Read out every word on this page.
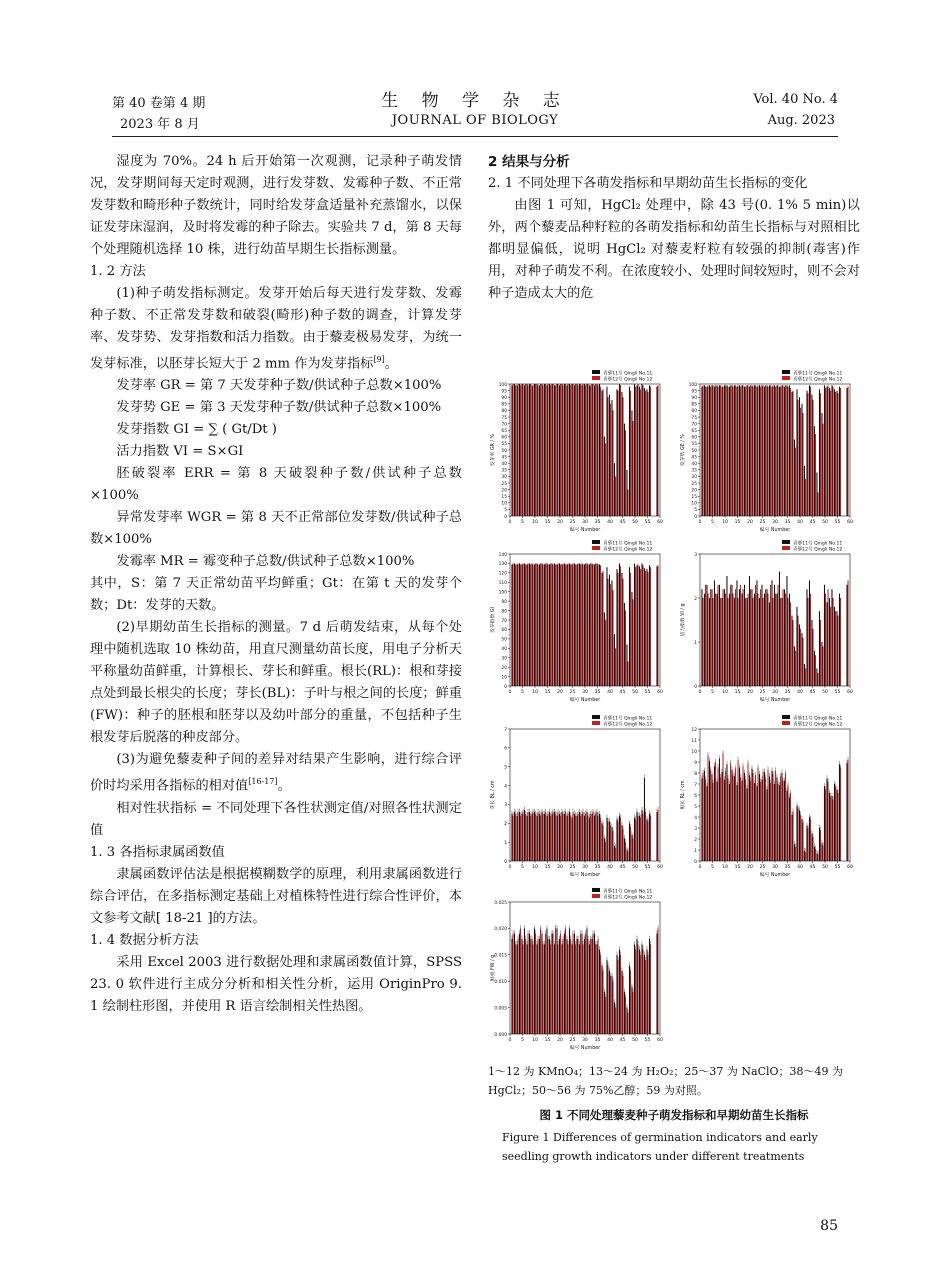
第 40 卷第 4 期
2023 年 8 月
生 物 学 杂 志
JOURNAL OF BIOLOGY
Vol. 40 No. 4
Aug. 2023

湿度为 70%。24 h 后开始第一次观测，记录种子萌发情况，发芽期间每天定时观测，进行发芽数、发霉种子数、不正常发芽数和畸形种子数统计，同时给发芽盒适量补充蒸馏水，以保证发芽床湿润，及时将发霉的种子除去。实验共 7 d，第 8 天每个处理随机选择 10 株，进行幼苗早期生长指标测量。

1. 2 方法

(1)种子萌发指标测定。发芽开始后每天进行发芽数、发霉种子数、不正常发芽数和破裂(畸形)种子数的调查，计算发芽率、发芽势、发芽指数和活力指数。由于藜麦极易发芽，为统一发芽标准，以胚芽长短大于 2 mm 作为发芽指标[9]。

发芽率 GR = 第 7 天发芽种子数/供试种子总数×100%

发芽势 GE = 第 3 天发芽种子数/供试种子总数×100%

发芽指数 GI = ∑ ( Gt/Dt )

活力指数 VI = S×GI

胚破裂率 ERR = 第 8 天破裂种子数/供试种子总数×100%

异常发芽率 WGR = 第 8 天不正常部位发芽数/供试种子总数×100%

发霉率 MR = 霉变种子总数/供试种子总数×100%

其中，S：第 7 天正常幼苗平均鲜重；Gt：在第 t 天的发芽个数；Dt：发芽的天数。

(2)早期幼苗生长指标的测量。7 d 后萌发结束，从每个处理中随机选取 10 株幼苗，用直尺测量幼苗长度，用电子分析天平称量幼苗鲜重，计算根长、芽长和鲜重。根长(RL)：根和芽接点处到最长根尖的长度；芽长(BL)：子叶与根之间的长度；鲜重(FW)：种子的胚根和胚芽以及幼叶部分的重量，不包括种子生根发芽后脱落的种皮部分。

(3)为避免藜麦种子间的差异对结果产生影响，进行综合评价时均采用各指标的相对值[16-17]。

相对性状指标 = 不同处理下各性状测定值/对照各性状测定值

1. 3 各指标隶属函数值

隶属函数评估法是根据模糊数学的原理，利用隶属函数进行综合评估，在多指标测定基础上对植株特性进行综合性评价，本文参考文献[ 18-21 ]的方法。

1. 4 数据分析方法

采用 Excel 2003 进行数据处理和隶属函数值计算，SPSS 23. 0 软件进行主成分分析和相关性分析，运用 OriginPro 9. 1 绘制柱形图，并使用 R 语言绘制相关性热图。

2 结果与分析

2. 1 不同处理下各萌发指标和早期幼苗生长指标的变化

由图 1 可知，HgCl₂ 处理中，除 43 号(0. 1% 5 min)以外，两个藜麦品种籽粒的各萌发指标和幼苗生长指标与对照相比都明显偏低，说明 HgCl₂ 对藜麦籽粒有较强的抑制(毒害)作用，对种子萌发不利。在浓度较小、处理时间较短时，则不会对种子造成太大的危

青藜11号 Qingli No.11
青藜12号 Qingli No.12
0
5
10
15
20
25
30
35
40
45
50
55
60
65
70
75
80
85
90
95
100
0 5 10 15 20 25 30 35 40 45 50 55 60
编号 Number
发芽率 GR / %
青藜11号 Qingli No.11
青藜12号 Qingli No.12
0
5
10
15
20
25
30
35
40
45
50
55
60
65
70
75
80
85
90
95
100
0 5 10 15 20 25 30 35 40 45 50 55 60
编号 Number
发芽势 GE / %
青藜11号 Qingli No.11
青藜12号 Qingli No.12
0
10
20
30
40
50
60
70
80
90
100
110
120
130
140
0 5 10 15 20 25 30 35 40 45 50 55 60
编号 Number
发芽指数 GI
青藜11号 Qingli No.11
青藜12号 Qingli No.12
0
1
2
3
0 5 10 15 20 25 30 35 40 45 50 55 60
编号 Number
活力指数 VI / g
青藜11号 Qingli No.11
青藜12号 Qingli No.12
0
1
2
3
4
5
6
7
0 5 10 15 20 25 30 35 40 45 50 55 60
编号 Number
芽长 BL / cm
青藜11号 Qingli No.11
青藜12号 Qingli No.12
0
1
2
3
4
5
6
7
8
9
10
11
12
0 5 10 15 20 25 30 35 40 45 50 55 60
编号 Number
根长 RL / cm
青藜11号 Qingli No.11
青藜12号 Qingli No.12
0.000
0.005
0.010
0.015
0.020
0.025
0 5 10 15 20 25 30 35 40 45 50 55 60
编号 Number
鲜重 FW / g
1～12 为 KMnO₄；13～24 为 H₂O₂；25～37 为 NaClO；38～49 为 HgCl₂；50～56 为 75%乙醇；59 为对照。
图 1 不同处理藜麦种子萌发指标和早期幼苗生长指标
Figure 1 Differences of germination indicators and early seedling growth indicators under different treatments
85
